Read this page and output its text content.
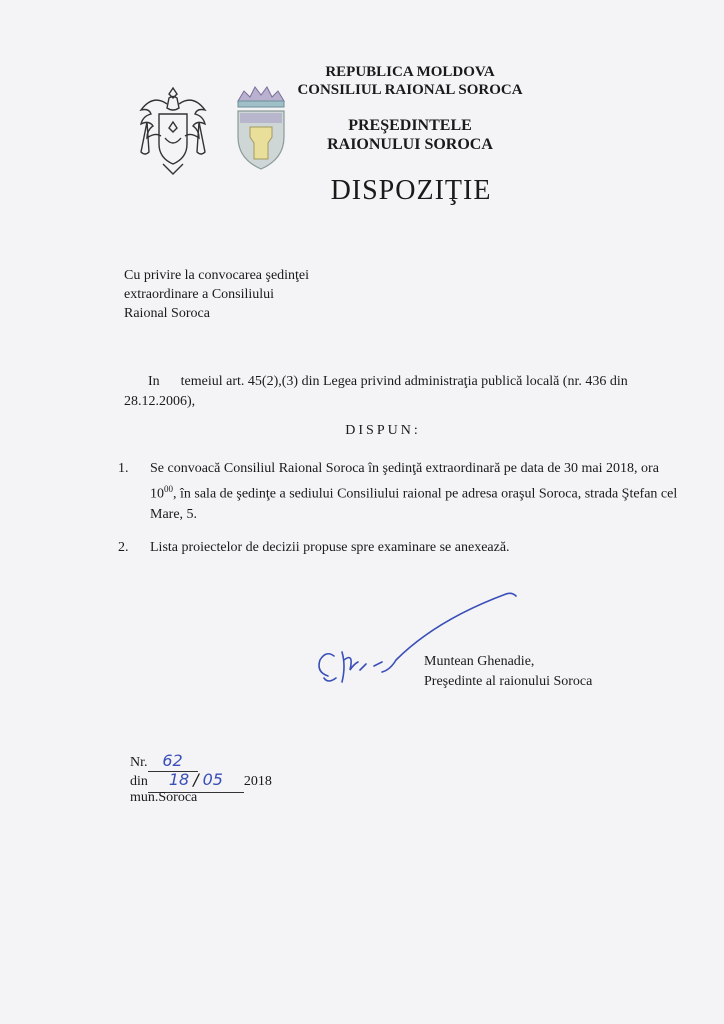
REPUBLICA MOLDOVA
CONSILIUL RAIONAL SOROCA
PREŞEDINTELE
RAIONULUI SOROCA
DISPOZIŢIE
Cu privire la convocarea şedinţei
extraordinare a Consiliului
Raional Soroca
In      temeiul art. 45(2),(3) din Legea privind administraţia publică locală (nr. 436 din
28.12.2006),
DISPUN:
1.	Se convoacă Consiliul Raional Soroca în şedinţă extraordinară pe data de 30 mai 2018, ora
$10^{00}$, în sala de şedinţe a sediului Consiliului raional pe adresa oraşul Soroca, strada Ştefan cel
Mare, 5.
2.	Lista proiectelor de decizii propuse spre examinare se anexează.
Muntean Ghenadie,
Preşedinte al raionului Soroca
Nr. 62
din 18 / 05 2018
mun.Soroca
